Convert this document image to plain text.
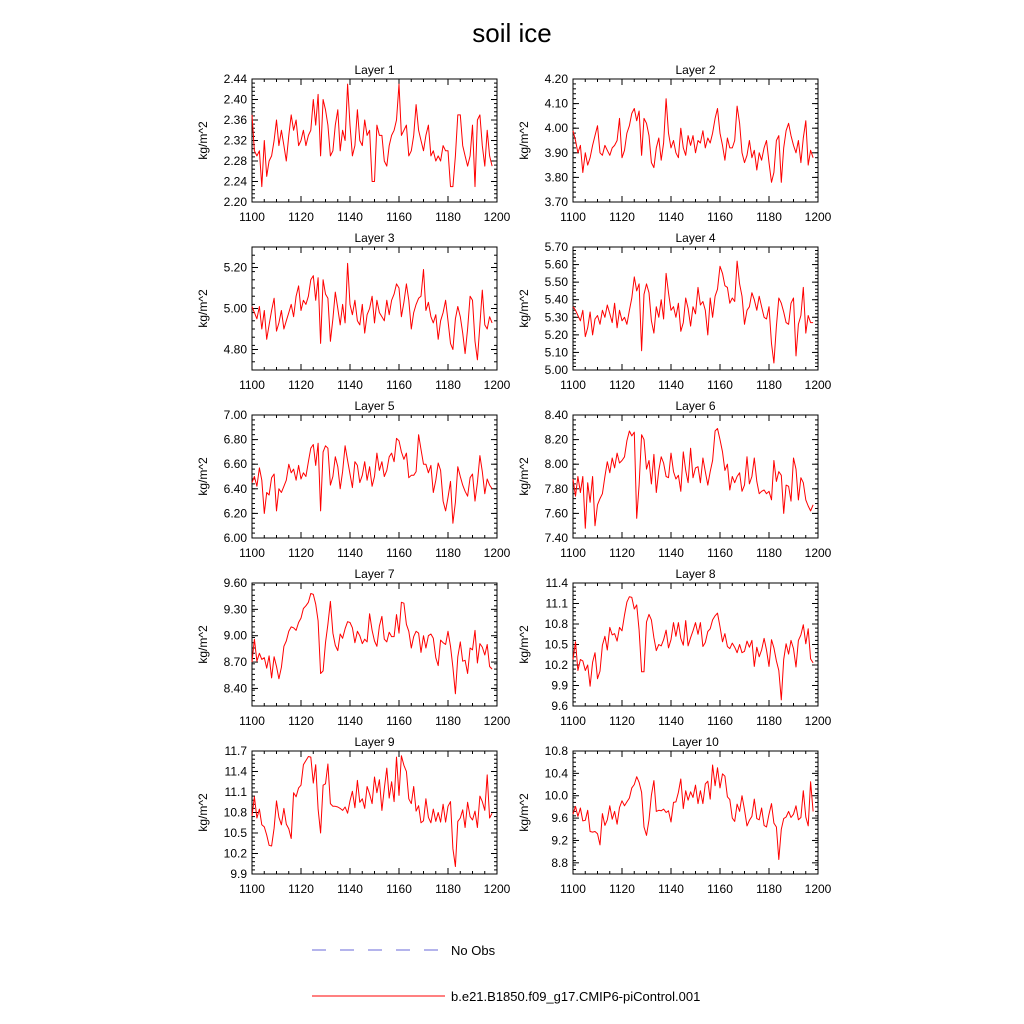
soil ice
Layer 1
1100 1120 1140 1160 1180 1200
2.20
2.24
2.28
2.32
2.36
2.40
2.44
kg/m^2
Layer 2
1100 1120 1140 1160 1180 1200
3.70
3.80
3.90
4.00
4.10
4.20
kg/m^2
Layer 3
1100 1120 1140 1160 1180 1200
4.80
5.00
5.20
kg/m^2
Layer 4
1100 1120 1140 1160 1180 1200
5.00
5.10
5.20
5.30
5.40
5.50
5.60
5.70
kg/m^2
Layer 5
1100 1120 1140 1160 1180 1200
6.00
6.20
6.40
6.60
6.80
7.00
kg/m^2
Layer 6
1100 1120 1140 1160 1180 1200
7.40
7.60
7.80
8.00
8.20
8.40
kg/m^2
Layer 7
1100 1120 1140 1160 1180 1200
8.40
8.70
9.00
9.30
9.60
kg/m^2
Layer 8
1100 1120 1140 1160 1180 1200
9.6
9.9
10.2
10.5
10.8
11.1
11.4
kg/m^2
Layer 9
1100 1120 1140 1160 1180 1200
9.9
10.2
10.5
10.8
11.1
11.4
11.7
kg/m^2
Layer 10
1100 1120 1140 1160 1180 1200
8.8
9.2
9.6
10.0
10.4
10.8
kg/m^2
No Obs
b.e21.B1850.f09_g17.CMIP6-piControl.001
